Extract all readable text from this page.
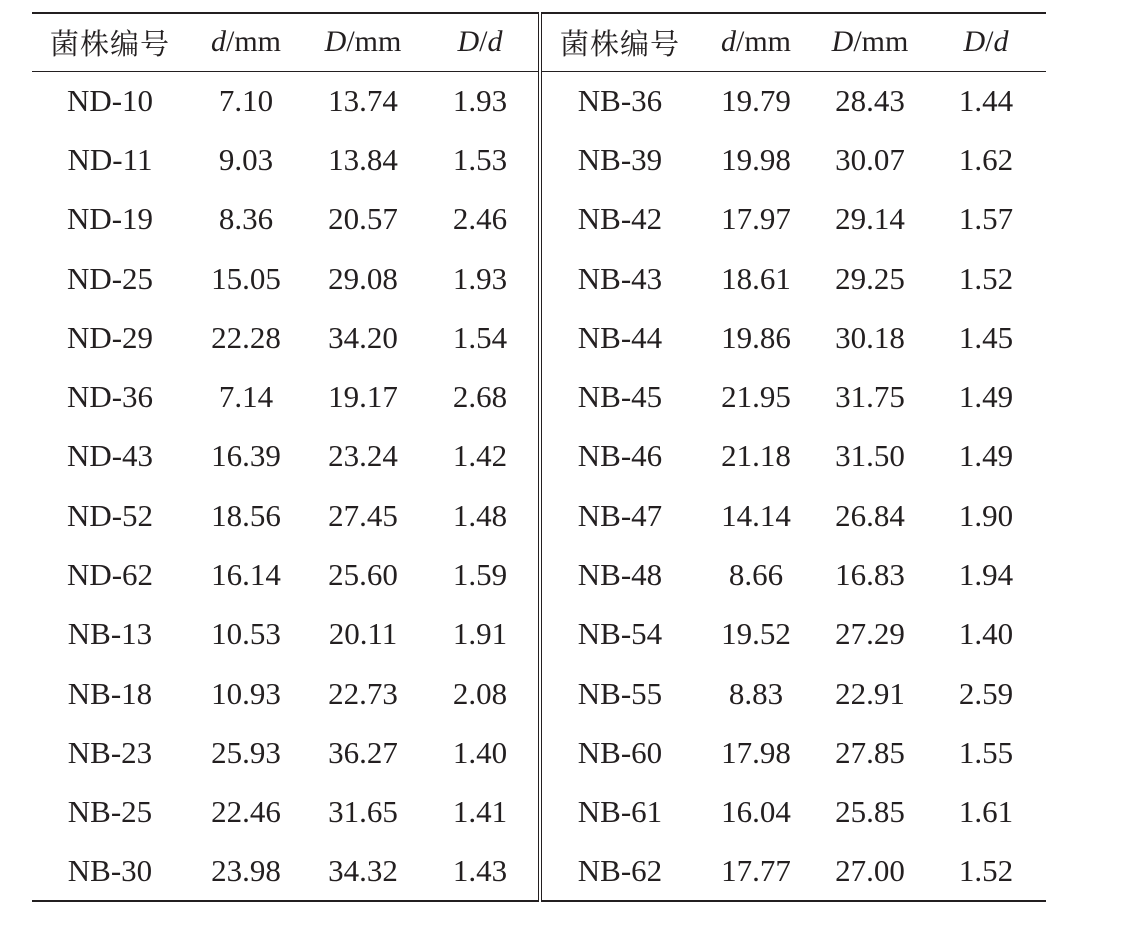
菌株编号	d/mm	D/mm	D/d	菌株编号	d/mm	D/mm	D/d
ND-10	7.10	13.74	1.93	NB-36	19.79	28.43	1.44
ND-11	9.03	13.84	1.53	NB-39	19.98	30.07	1.62
ND-19	8.36	20.57	2.46	NB-42	17.97	29.14	1.57
ND-25	15.05	29.08	1.93	NB-43	18.61	29.25	1.52
ND-29	22.28	34.20	1.54	NB-44	19.86	30.18	1.45
ND-36	7.14	19.17	2.68	NB-45	21.95	31.75	1.49
ND-43	16.39	23.24	1.42	NB-46	21.18	31.50	1.49
ND-52	18.56	27.45	1.48	NB-47	14.14	26.84	1.90
ND-62	16.14	25.60	1.59	NB-48	8.66	16.83	1.94
NB-13	10.53	20.11	1.91	NB-54	19.52	27.29	1.40
NB-18	10.93	22.73	2.08	NB-55	8.83	22.91	2.59
NB-23	25.93	36.27	1.40	NB-60	17.98	27.85	1.55
NB-25	22.46	31.65	1.41	NB-61	16.04	25.85	1.61
NB-30	23.98	34.32	1.43	NB-62	17.77	27.00	1.52
